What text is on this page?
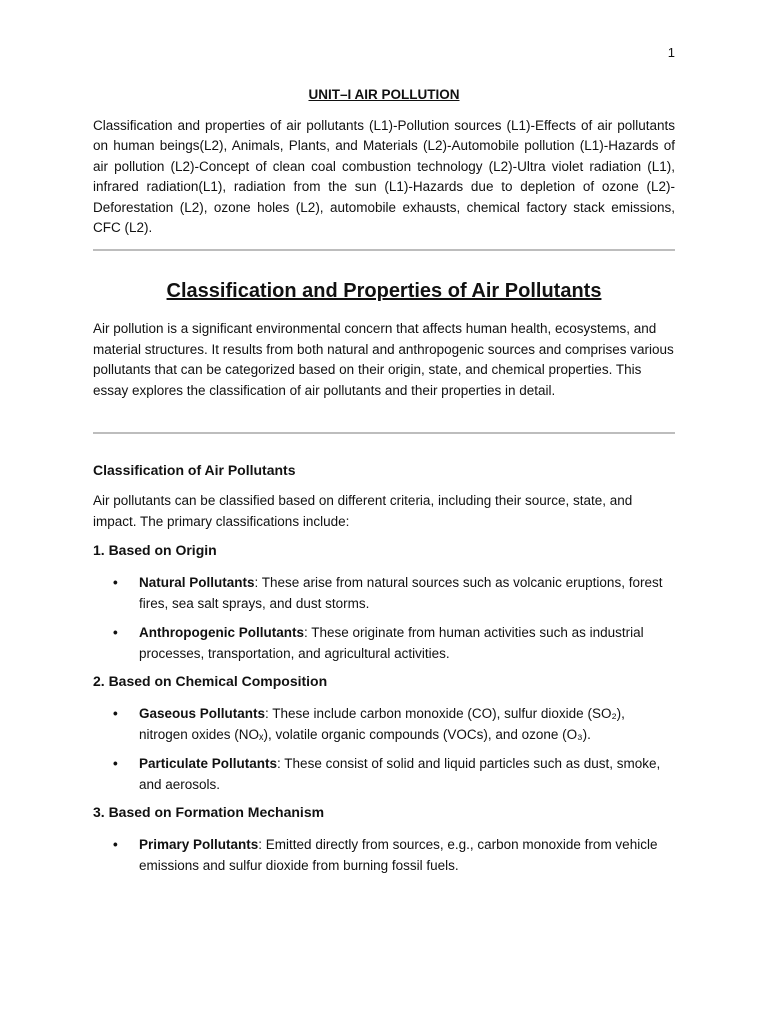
1
UNIT–I AIR POLLUTION

Classification and properties of air pollutants (L1)-Pollution sources (L1)-Effects of air pollutants on human beings(L2), Animals, Plants, and Materials (L2)-Automobile pollution (L1)-Hazards of air pollution (L2)-Concept of clean coal combustion technology (L2)-Ultra violet radiation (L1), infrared radiation(L1), radiation from the sun (L1)-Hazards due to depletion of ozone (L2)-Deforestation (L2), ozone holes (L2), automobile exhausts, chemical factory stack emissions, CFC (L2).

Classification and Properties of Air Pollutants

Air pollution is a significant environmental concern that affects human health, ecosystems, and material structures. It results from both natural and anthropogenic sources and comprises various pollutants that can be categorized based on their origin, state, and chemical properties. This essay explores the classification of air pollutants and their properties in detail.

Classification of Air Pollutants

Air pollutants can be classified based on different criteria, including their source, state, and impact. The primary classifications include:

1. Based on Origin
• Natural Pollutants: These arise from natural sources such as volcanic eruptions, forest fires, sea salt sprays, and dust storms.
• Anthropogenic Pollutants: These originate from human activities such as industrial processes, transportation, and agricultural activities.
2. Based on Chemical Composition
• Gaseous Pollutants: These include carbon monoxide (CO), sulfur dioxide (SO₂), nitrogen oxides (NOₓ), volatile organic compounds (VOCs), and ozone (O₃).
• Particulate Pollutants: These consist of solid and liquid particles such as dust, smoke, and aerosols.
3. Based on Formation Mechanism
• Primary Pollutants: Emitted directly from sources, e.g., carbon monoxide from vehicle emissions and sulfur dioxide from burning fossil fuels.
